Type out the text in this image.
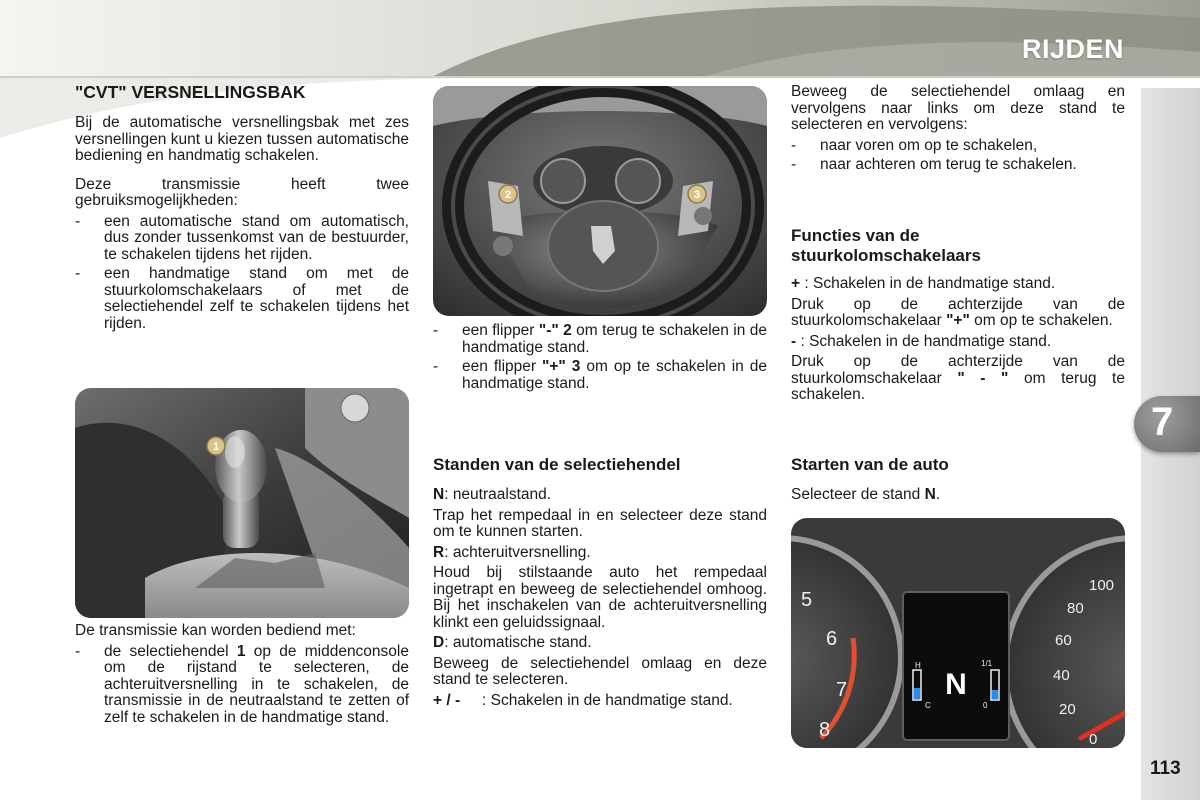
RIJDEN
7
"CVT" VERSNELLINGSBAK

Bij de automatische versnellingsbak met zes versnellingen kunt u kiezen tussen automatische bediening en handmatig schakelen.

Deze transmissie heeft twee gebruiksmogelijkheden:

-	een automatische stand om automatisch, dus zonder tussenkomst van de bestuurder, te schakelen tijdens het rijden.
-	een handmatige stand om met de stuurkolomschakelaars of met de selectiehendel zelf te schakelen tijdens het rijden.
1

De transmissie kan worden bediend met:

-	de selectiehendel 1 op de middenconsole om de rijstand te selecteren, de achteruitversnelling in te schakelen, de transmissie in de neutraalstand te zetten of zelf te schakelen in de handmatige stand.
2	3
-	een flipper "-" 2 om terug te schakelen in de handmatige stand.
-	een flipper "+" 3 om op te schakelen in de handmatige stand.
Standen van de selectiehendel

N: neutraalstand.

Trap het rempedaal in en selecteer deze stand om te kunnen starten.

R: achteruitversnelling.

Houd bij stilstaande auto het rempedaal ingetrapt en beweeg de selectiehendel omhoog. Bij het inschakelen van de achteruitversnelling klinkt een geluidssignaal.

D: automatische stand.

Beweeg de selectiehendel omlaag en deze stand te selecteren.

+ / -	: Schakelen in de handmatige stand.

Beweeg de selectiehendel omlaag en vervolgens naar links om deze stand te selecteren en vervolgens:

-	naar voren om op te schakelen,
-	naar achteren om terug te schakelen.
Functies van de stuurkolomschakelaars

+ : Schakelen in de handmatige stand.

Druk op de achterzijde van de stuurkolomschakelaar "+" om op te schakelen.

- : Schakelen in de handmatige stand.

Druk op de achterzijde van de stuurkolomschakelaar " - " om terug te schakelen.

Starten van de auto
Selecteer de stand N.
5
6
7
8	0
20
40
60
80
100
H
C
N
1/1
0
113
